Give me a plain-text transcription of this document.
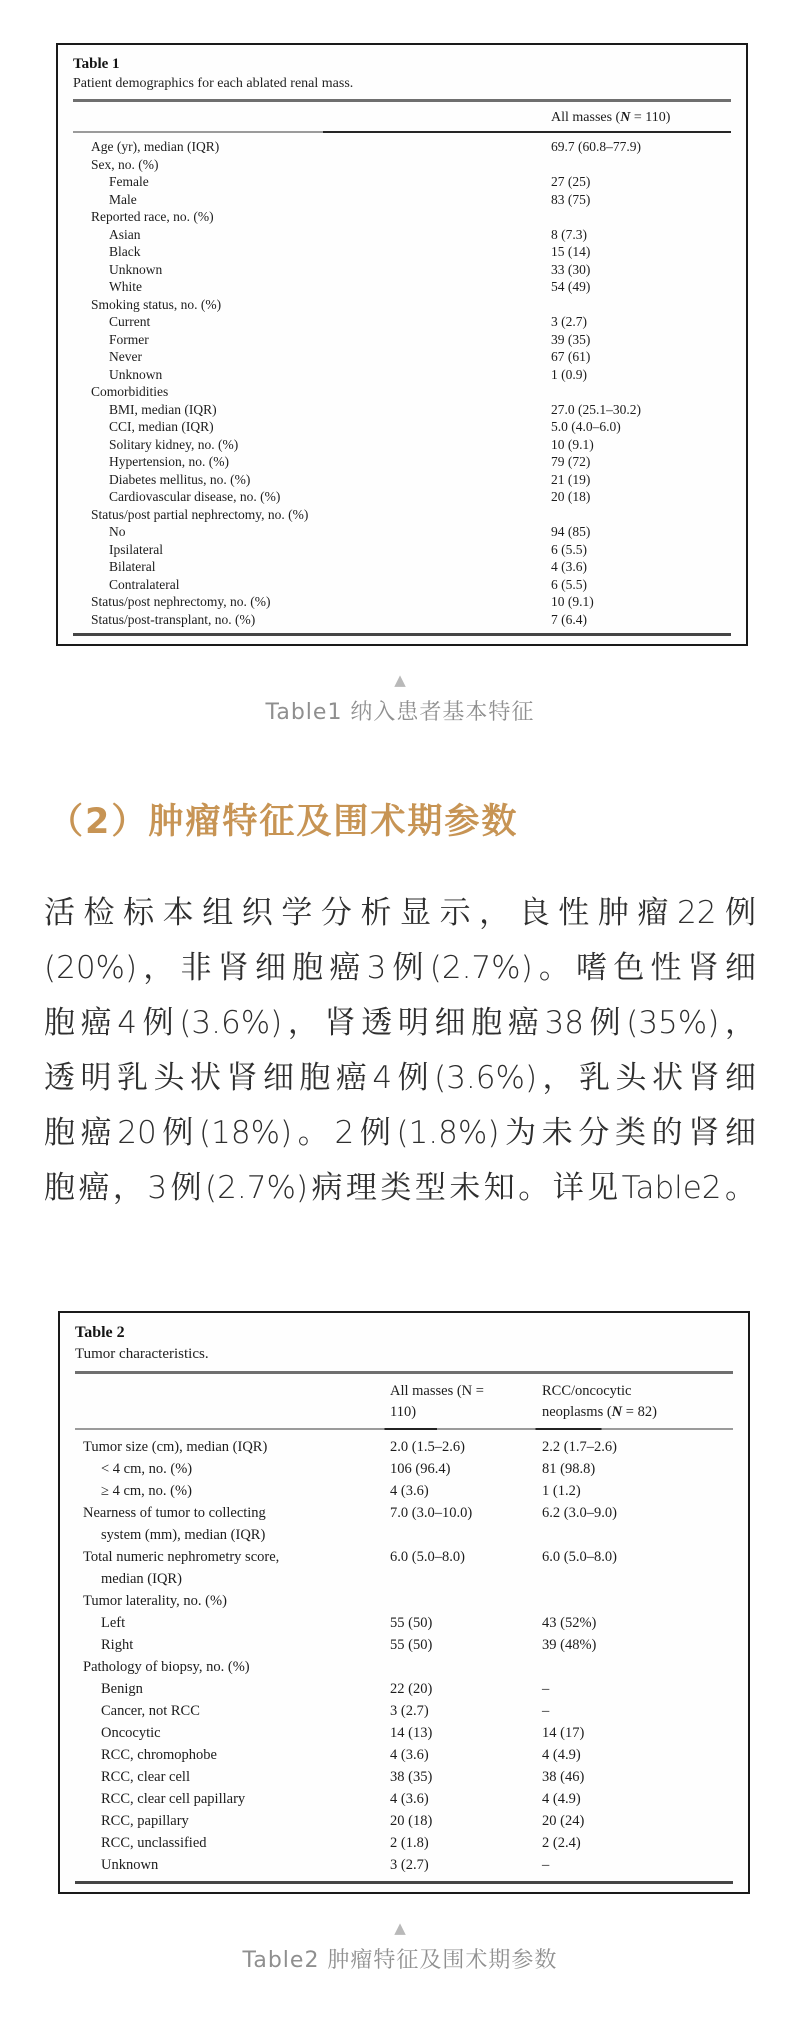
Table 1
Patient demographics for each ablated renal mass.
All masses (N = 110)
Age (yr), median (IQR)	69.7 (60.8–77.9)
Sex, no. (%)
Female	27 (25)
Male	83 (75)
Reported race, no. (%)
Asian	8 (7.3)
Black	15 (14)
Unknown	33 (30)
White	54 (49)
Smoking status, no. (%)
Current	3 (2.7)
Former	39 (35)
Never	67 (61)
Unknown	1 (0.9)
Comorbidities
BMI, median (IQR)	27.0 (25.1–30.2)
CCI, median (IQR)	5.0 (4.0–6.0)
Solitary kidney, no. (%)	10 (9.1)
Hypertension, no. (%)	79 (72)
Diabetes mellitus, no. (%)	21 (19)
Cardiovascular disease, no. (%)	20 (18)
Status/post partial nephrectomy, no. (%)
No	94 (85)
Ipsilateral	6 (5.5)
Bilateral	4 (3.6)
Contralateral	6 (5.5)
Status/post nephrectomy, no. (%)	10 (9.1)
Status/post-transplant, no. (%)	7 (6.4)
▲
Table1 纳入患者基本特征
（2）肿瘤特征及围术期参数
活检标本组织学分析显示，良性肿瘤22例
(20%)，非肾细胞癌3例(2.7%)。嗜色性肾细
胞癌4例(3.6%)，肾透明细胞癌38例(35%)，
透明乳头状肾细胞癌4例(3.6%)，乳头状肾细
胞癌20例(18%)。2例(1.8%)为未分类的肾细
胞癌，3例(2.7%)病理类型未知。详见Table2。
Table 2
Tumor characteristics.
All masses (N =
110)
RCC/oncocytic
neoplasms (N = 82)
Tumor size (cm), median (IQR)	2.0 (1.5–2.6)	2.2 (1.7–2.6)
< 4 cm, no. (%)	106 (96.4)	81 (98.8)
≥ 4 cm, no. (%)	4 (3.6)	1 (1.2)
Nearness of tumor to collecting
system (mm), median (IQR)
7.0 (3.0–10.0)	6.2 (3.0–9.0)
Total numeric nephrometry score,
median (IQR)
6.0 (5.0–8.0)	6.0 (5.0–8.0)
Tumor laterality, no. (%)
Left	55 (50)	43 (52%)
Right	55 (50)	39 (48%)
Pathology of biopsy, no. (%)
Benign	22 (20)	–
Cancer, not RCC	3 (2.7)	–
Oncocytic	14 (13)	14 (17)
RCC, chromophobe	4 (3.6)	4 (4.9)
RCC, clear cell	38 (35)	38 (46)
RCC, clear cell papillary	4 (3.6)	4 (4.9)
RCC, papillary	20 (18)	20 (24)
RCC, unclassified	2 (1.8)	2 (2.4)
Unknown	3 (2.7)	–
▲
Table2 肿瘤特征及围术期参数
